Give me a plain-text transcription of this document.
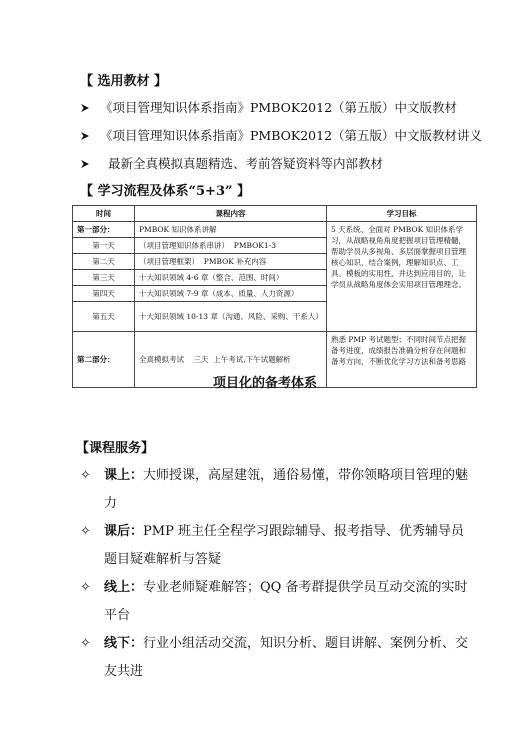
【 选用教材 】
《项目管理知识体系指南》PMBOK2012（第五版）中文版教材
《项目管理知识体系指南》PMBOK2012（第五版）中文版教材讲义
最新全真模拟真题精选、考前答疑资料等内部教材
【 学习流程及体系“5+3” 】
时间	课程内容	学习目标
第一部分：	PMBOK 知识体系讲解	5 天系统、全面对 PMBOK 知识体系学习，从战略视角角度把握项目管理精髓，帮助学员从多视角、多层面掌握项目管理核心知识，结合案例，理解知识点、工具、模板的实用性，并达到应用目的，让学员从战略角度体会实用项目管理理念。
第一天	（项目管理知识体系串讲）  PMBOK1-3	
第二天	（项目管理框架）  PMBOK 补充内容	
第三天	十大知识领域 4-6 章（整合、范围、时间）	
第四天	十大知识领域 7-9 章（成本、质量、人力资源）	
第五天	十大知识领域 10-13 章（沟通、风险、采购、干系人）	
第二部分：	全真模拟考试    三天  上午考试,下午试题解析	熟悉 PMP 考试题型；不同时间节点把握备考进度，成绩报告准确分析存在问题和备考方向，不断优化学习方法和备考思路
项目化的备考体系
【课程服务】
✧	课上：大师授课，高屋建瓴，通俗易懂，带你领略项目管理的魅力
✧	课后：PMP 班主任全程学习跟踪辅导、报考指导、优秀辅导员题目疑难解析与答疑
✧	线上：专业老师疑难解答；QQ 备考群提供学员互动交流的实时平台
✧	线下：行业小组活动交流，知识分析、题目讲解、案例分析、交友共进
